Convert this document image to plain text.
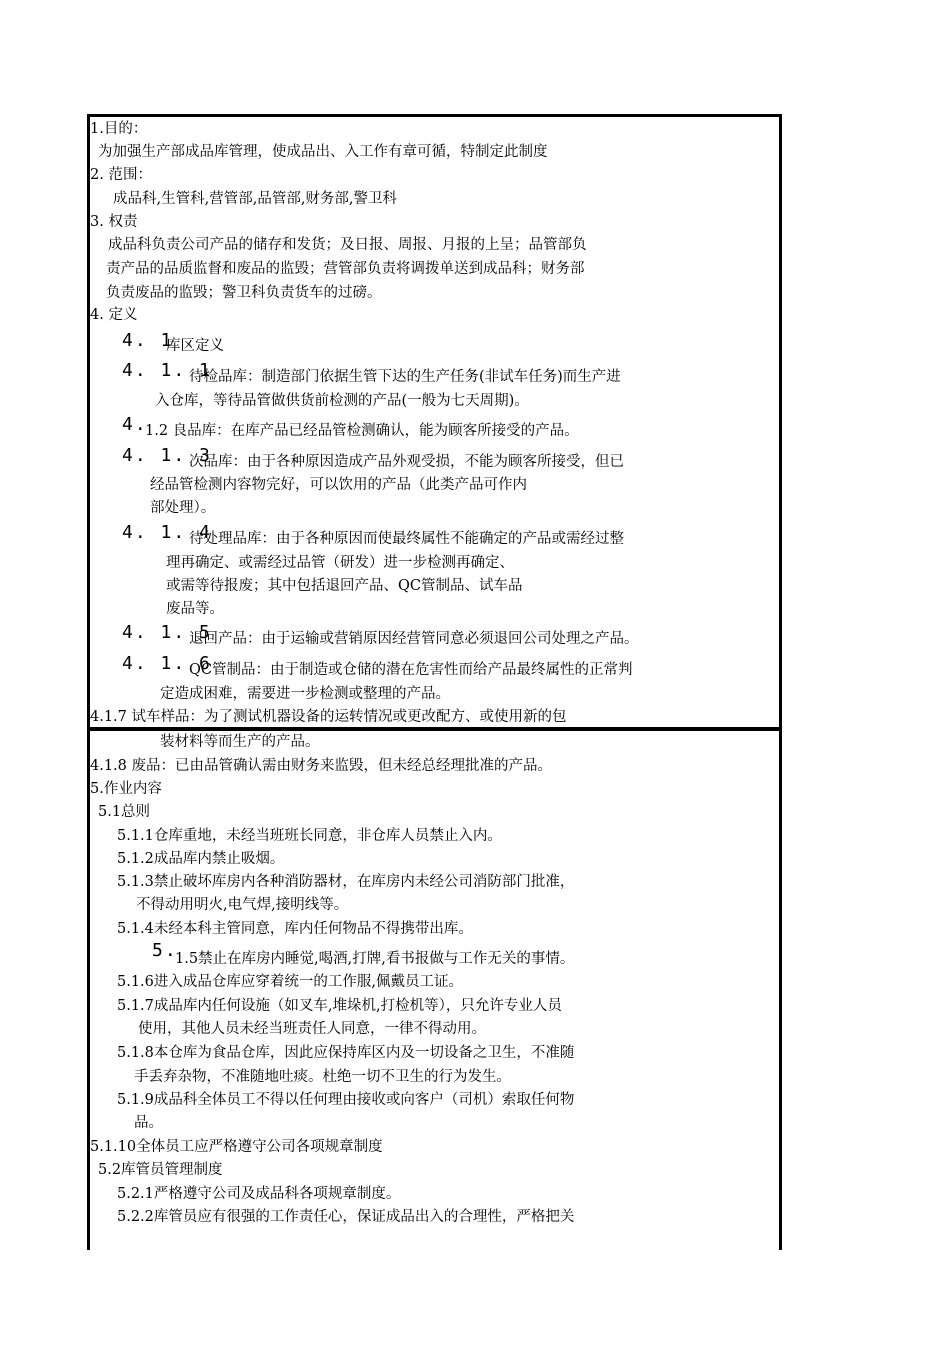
1.目的：
为加强生产部成品库管理，使成品出、入工作有章可循，特制定此制度
2. 范围：
成品科,生管科,营管部,品管部,财务部,警卫科
3. 权责
成品科负责公司产品的储存和发货；及日报、周报、月报的上呈；品管部负
责产品的品质监督和废品的监毁；营管部负责将调拨单送到成品科；财务部
负责废品的监毁；警卫科负责货车的过磅。
4. 定义
4. 1
库区定义
4. 1. 1
待检品库：制造部门依据生管下达的生产任务(非试车任务)而生产进
入仓库，等待品管做供货前检测的产品(一般为七天周期)。
4.
1.2 良品库：在库产品已经品管检测确认，能为顾客所接受的产品。
4. 1. 3
次品库：由于各种原因造成产品外观受损，不能为顾客所接受，但已
经品管检测内容物完好，可以饮用的产品（此类产品可作内
部处理）。
4. 1. 4
待处理品库：由于各种原因而使最终属性不能确定的产品或需经过整
理再确定、或需经过品管（研发）进一步检测再确定、
或需等待报废；其中包括退回产品、QC管制品、试车品
废品等。
4. 1. 5
退回产品：由于运输或营销原因经营管同意必须退回公司处理之产品。
4. 1. 6
QC管制品：由于制造或仓储的潜在危害性而给产品最终属性的正常判
定造成困难，需要进一步检测或整理的产品。
4.1.7 试车样品：为了测试机器设备的运转情况或更改配方、或使用新的包
装材料等而生产的产品。
4.1.8 废品：已由品管确认需由财务来监毁，但未经总经理批准的产品。
5.作业内容
5.1总则
5.1.1仓库重地，未经当班班长同意，非仓库人员禁止入内。
5.1.2成品库内禁止吸烟。
5.1.3禁止破坏库房内各种消防器材，在库房内未经公司消防部门批准，
不得动用明火,电气焊,接明线等。
5.1.4未经本科主管同意，库内任何物品不得携带出库。
5.
1.5禁止在库房内睡觉,喝酒,打牌,看书报做与工作无关的事情。
5.1.6进入成品仓库应穿着统一的工作服,佩戴员工证。
5.1.7成品库内任何设施（如叉车,堆垛机,打检机等），只允许专业人员
使用，其他人员未经当班责任人同意，一律不得动用。
5.1.8本仓库为食品仓库，因此应保持库区内及一切设备之卫生，不准随
手丢弃杂物，不准随地吐痰。杜绝一切不卫生的行为发生。
5.1.9成品科全体员工不得以任何理由接收或向客户（司机）索取任何物
品。
5.1.10全体员工应严格遵守公司各项规章制度
5.2库管员管理制度
5.2.1严格遵守公司及成品科各项规章制度。
5.2.2库管员应有很强的工作责任心，保证成品出入的合理性，严格把关
